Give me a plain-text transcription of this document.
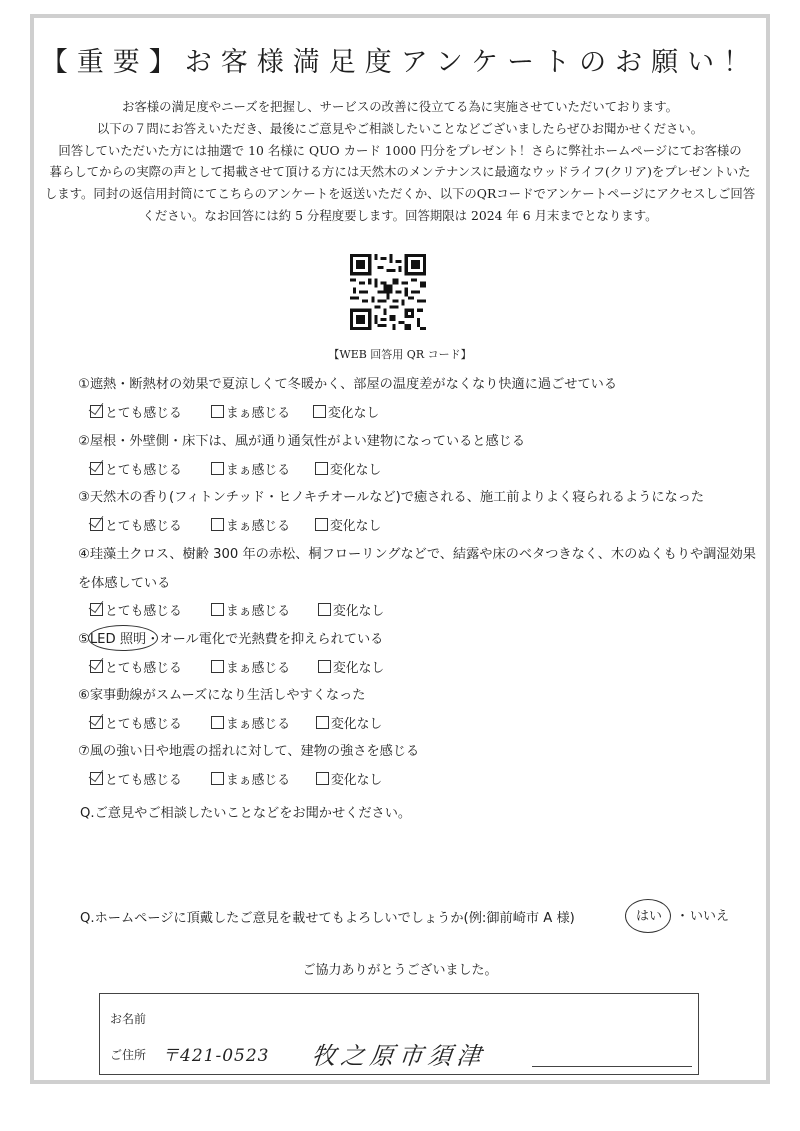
【重要】お客様満足度アンケートのお願い！

お客様の満足度やニーズを把握し、サービスの改善に役立てる為に実施させていただいております。

以下の７問にお答えいただき、最後にご意見やご相談したいことなどございましたらぜひお聞かせください。

回答していただいた方には抽選で 10 名様に QUO カード 1000 円分をプレゼント！さらに弊社ホームページにてお客様の

暮らしてからの実際の声として掲載させて頂ける方には天然木のメンテナンスに最適なウッドライフ(クリア)をプレゼントいた

します。同封の返信用封筒にてこちらのアンケートを返送いただくか、以下のQRコードでアンケートページにアクセスしご回答

ください。なお回答には約 5 分程度要します。回答期限は 2024 年 6 月末までとなります。

【WEB 回答用 QR コード】
①遮熱・断熱材の効果で夏涼しくて冬暖かく、部屋の温度差がなくなり快適に過ごせている
とても感じる	まぁ感じる	変化なし
②屋根・外壁側・床下は、風が通り通気性がよい建物になっていると感じる
とても感じる	まぁ感じる	変化なし
③天然木の香り(フィトンチッド・ヒノキチオールなど)で癒される、施工前よりよく寝られるようになった
とても感じる	まぁ感じる	変化なし
④珪藻土クロス、樹齢 300 年の赤松、桐フローリングなどで、結露や床のベタつきなく、木のぬくもりや調湿効果
を体感している
とても感じる	まぁ感じる	変化なし
⑤LED 照明・オール電化で光熱費を抑えられている
とても感じる	まぁ感じる	変化なし
⑥家事動線がスムーズになり生活しやすくなった
とても感じる	まぁ感じる	変化なし
⑦風の強い日や地震の揺れに対して、建物の強さを感じる
とても感じる	まぁ感じる	変化なし
Q.ご意見やご相談したいことなどをお聞かせください。
Q.ホームページに頂戴したご意見を載せてもよろしいでしょうか(例:御前崎市 A 様)	はい ・ いいえ
ご協力ありがとうございました。
お名前
ご住所 〒421-0523 牧之原市須津
